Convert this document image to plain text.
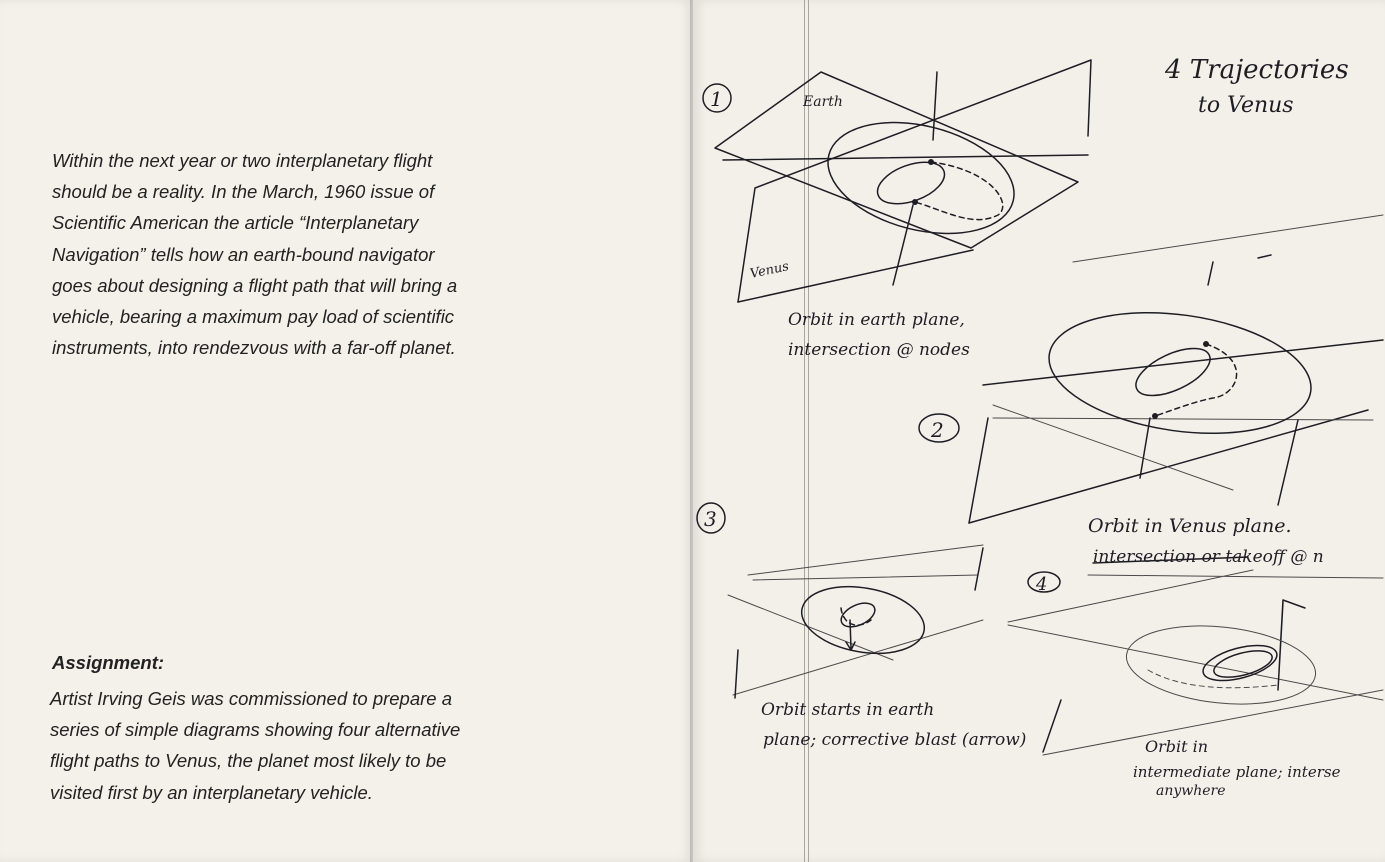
Within the next year or two interplanetary flight
should be a reality. In the March, 1960 issue of
Scientific American the article “Interplanetary
Navigation” tells how an earth-bound navigator
goes about designing a flight path that will bring a
vehicle, bearing a maximum pay load of scientific
instruments, into rendezvous with a far-off planet.

Assignment:

Artist Irving Geis was commissioned to prepare a
series of simple diagrams showing four alternative
flight paths to Venus, the planet most likely to be
visited first by an interplanetary vehicle.

4 Trajectories
to Venus
1	Earth
Venus
Orbit in earth plane,
intersection @ nodes
2
Orbit in Venus plane.
intersection or takeoff @ n
3
Orbit starts in earth
plane; corrective blast (arrow)
4
Orbit in
intermediate plane; interse
anywhere
